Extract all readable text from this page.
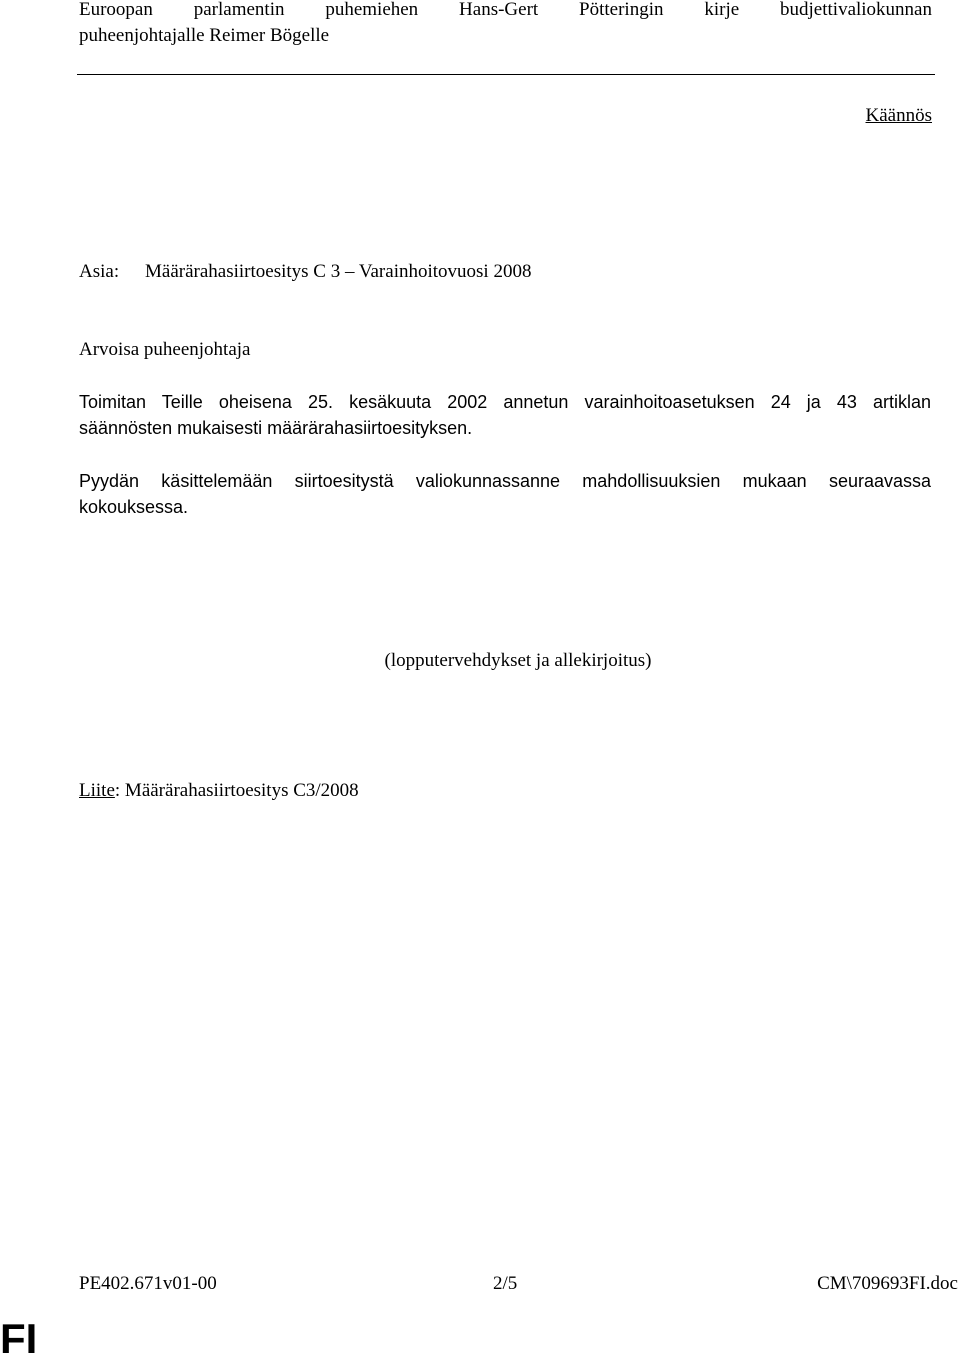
Euroopan parlamentin puhemiehen Hans-Gert Pötteringin kirje budjettivaliokunnan
puheenjohtajalle Reimer Bögelle
Käännös
Asia: Määrärahasiirtoesitys C 3 – Varainhoitovuosi 2008
Arvoisa puheenjohtaja
Toimitan Teille oheisena 25. kesäkuuta 2002 annetun varainhoitoasetuksen 24 ja 43 artiklan
säännösten mukaisesti määrärahasiirtoesityksen.
Pyydän käsittelemään siirtoesitystä valiokunnassanne mahdollisuuksien mukaan seuraavassa
kokouksessa.
(lopputervehdykset ja allekirjoitus)
Liite: Määrärahasiirtoesitys C3/2008
PE402.671v01-00	2/5	CM\709693FI.doc
FI
